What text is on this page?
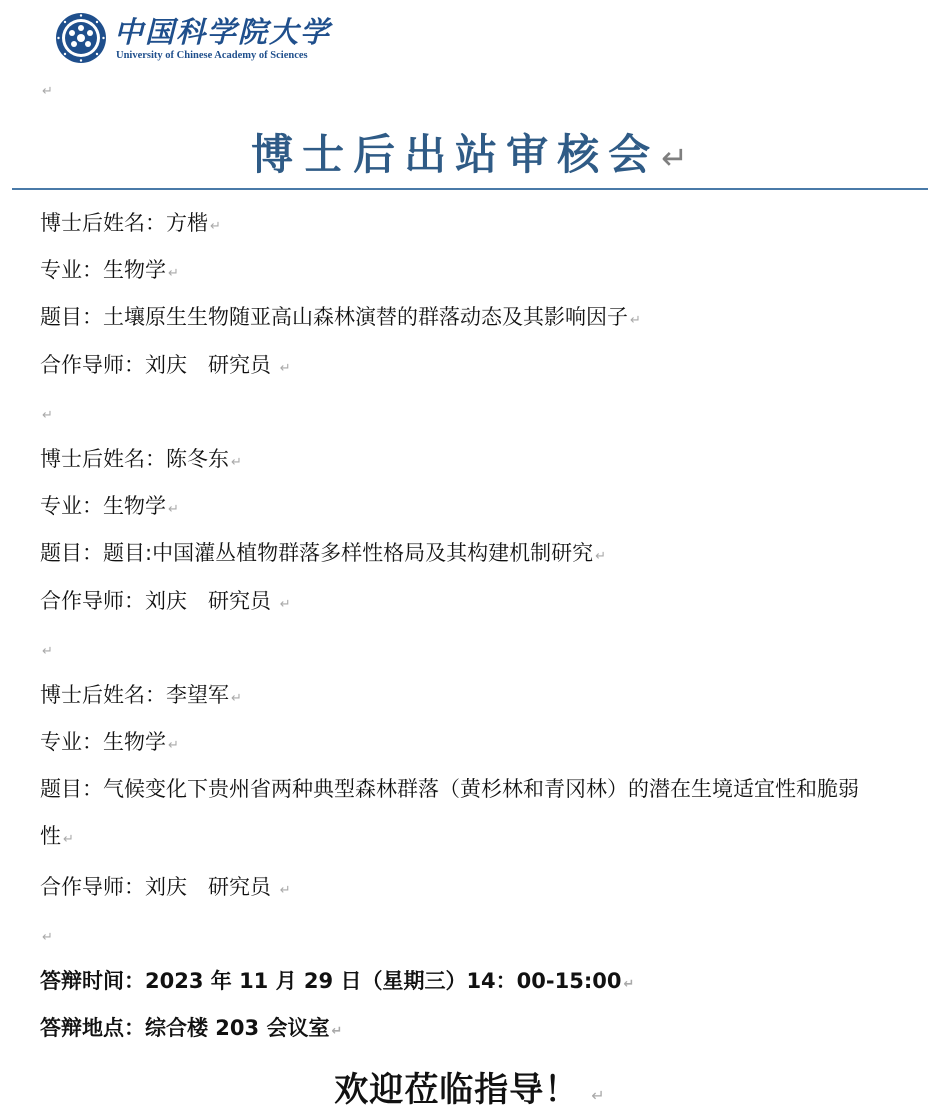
中国科学院大学
University of Chinese Academy of Sciences
↵
博士后出站审核会↵
博士后姓名：方楷 ↵
专业：生物学 ↵
题目：土壤原生生物随亚高山森林演替的群落动态及其影响因子 ↵
合作导师：刘庆 研究员 ↵
↵
博士后姓名：陈冬东 ↵
专业：生物学 ↵
题目：题目:中国灌丛植物群落多样性格局及其构建机制研究 ↵
合作导师：刘庆 研究员 ↵
↵
博士后姓名：李望军 ↵
专业：生物学 ↵
题目：气候变化下贵州省两种典型森林群落（黄杉林和青冈林）的潜在生境适宜性和脆弱性 ↵
合作导师：刘庆 研究员 ↵
↵
答辩时间：2023 年 11 月 29 日（星期三）14：00-15:00 ↵
答辩地点：综合楼 203 会议室 ↵
欢迎莅临指导！ ↵
